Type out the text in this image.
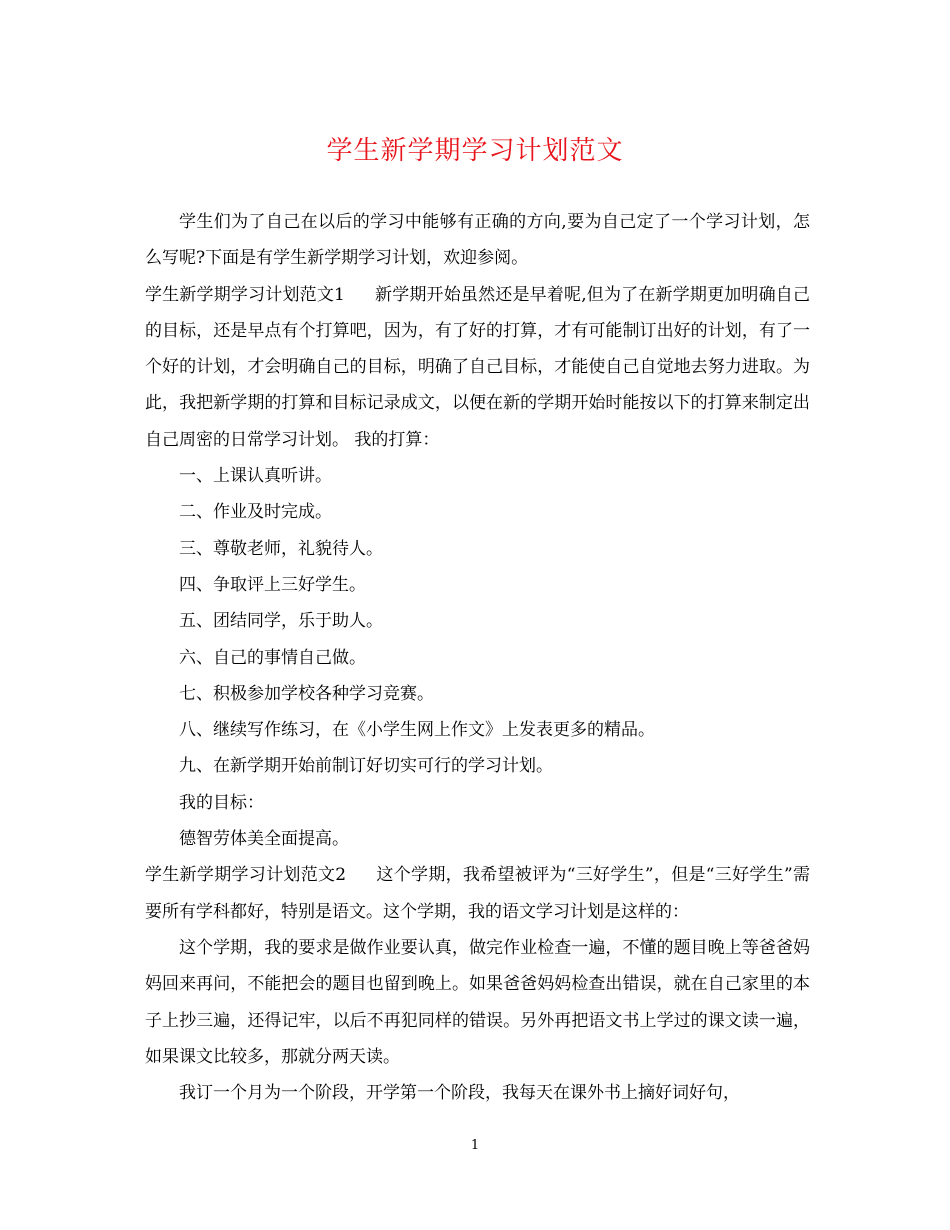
学生新学期学习计划范文

学生们为了自己在以后的学习中能够有正确的方向,要为自己定了一个学习计划，怎么写呢?下面是有学生新学期学习计划，欢迎参阅。

学生新学期学习计划范文1 新学期开始虽然还是早着呢,但为了在新学期更加明确自己的目标，还是早点有个打算吧，因为，有了好的打算，才有可能制订出好的计划，有了一个好的计划，才会明确自己的目标，明确了自己目标，才能使自己自觉地去努力进取。为此，我把新学期的打算和目标记录成文，以便在新的学期开始时能按以下的打算来制定出自己周密的日常学习计划。 我的打算：

一、上课认真听讲。

二、作业及时完成。

三、尊敬老师，礼貌待人。

四、争取评上三好学生。

五、团结同学，乐于助人。

六、自己的事情自己做。

七、积极参加学校各种学习竞赛。

八、继续写作练习，在《小学生网上作文》上发表更多的精品。

九、在新学期开始前制订好切实可行的学习计划。

我的目标：

德智劳体美全面提高。

学生新学期学习计划范文2 这个学期，我希望被评为“三好学生”，但是“三好学生”需要所有学科都好，特别是语文。这个学期，我的语文学习计划是这样的：

这个学期，我的要求是做作业要认真，做完作业检查一遍，不懂的题目晚上等爸爸妈妈回来再问，不能把会的题目也留到晚上。如果爸爸妈妈检查出错误，就在自己家里的本子上抄三遍，还得记牢，以后不再犯同样的错误。另外再把语文书上学过的课文读一遍，如果课文比较多，那就分两天读。

我订一个月为一个阶段，开学第一个阶段，我每天在课外书上摘好词好句，

1
